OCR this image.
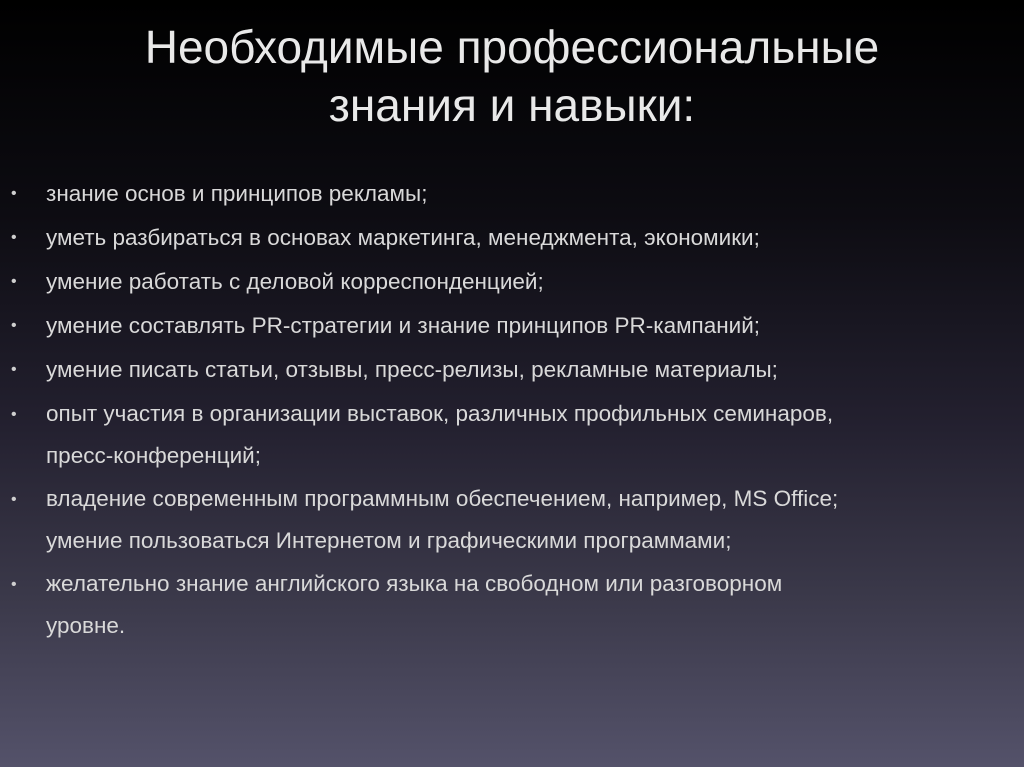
Необходимые профессиональные
знания и навыки:
• знание основ и принципов рекламы;
• уметь разбираться в основах маркетинга, менеджмента, экономики;
• умение работать с деловой корреспонденцией;
• умение составлять PR-стратегии и знание принципов PR-кампаний;
• умение писать статьи, отзывы, пресс-релизы, рекламные материалы;
• опыт участия в организации выставок, различных профильных семинаров,
пресс-конференций;
• владение современным программным обеспечением, например, MS Office;
умение пользоваться Интернетом и графическими программами;
• желательно знание английского языка на свободном или разговорном
уровне.
